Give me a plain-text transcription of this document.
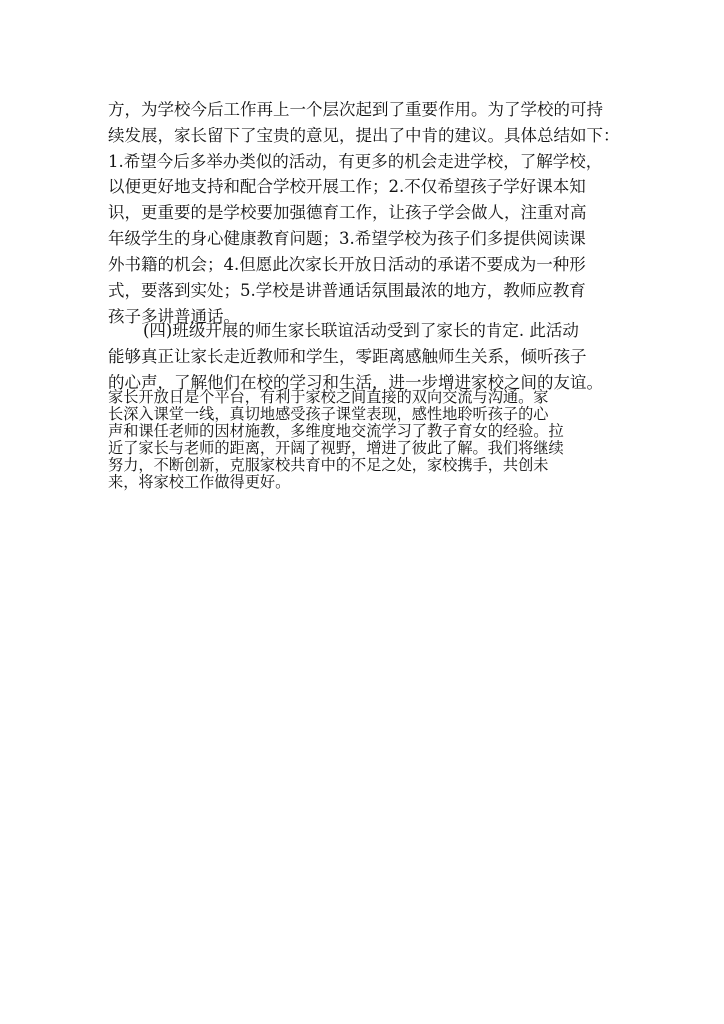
方，为学校今后工作再上一个层次起到了重要作用。为了学校的可持

续发展，家长留下了宝贵的意见，提出了中肯的建议。具体总结如下：

1.希望今后多举办类似的活动，有更多的机会走进学校，了解学校，

以便更好地支持和配合学校开展工作；2.不仅希望孩子学好课本知

识，更重要的是学校要加强德育工作，让孩子学会做人，注重对高

年级学生的身心健康教育问题；3.希望学校为孩子们多提供阅读课

外书籍的机会；4.但愿此次家长开放日活动的承诺不要成为一种形

式，要落到实处；5.学校是讲普通话氛围最浓的地方，教师应教育

孩子多讲普通话。

(四)班级开展的师生家长联谊活动受到了家长的肯定. 此活动

能够真正让家长走近教师和学生，零距离感触师生关系，倾听孩子

的心声，了解他们在校的学习和生活，进一步增进家校之间的友谊。

家长开放日是个平台，有利于家校之间直接的双向交流与沟通。家

长深入课堂一线，真切地感受孩子课堂表现，感性地聆听孩子的心

声和课任老师的因材施教，多维度地交流学习了教子育女的经验。拉

近了家长与老师的距离，开阔了视野，增进了彼此了解。我们将继续

努力，不断创新，克服家校共育中的不足之处，家校携手，共创未

来，将家校工作做得更好。
